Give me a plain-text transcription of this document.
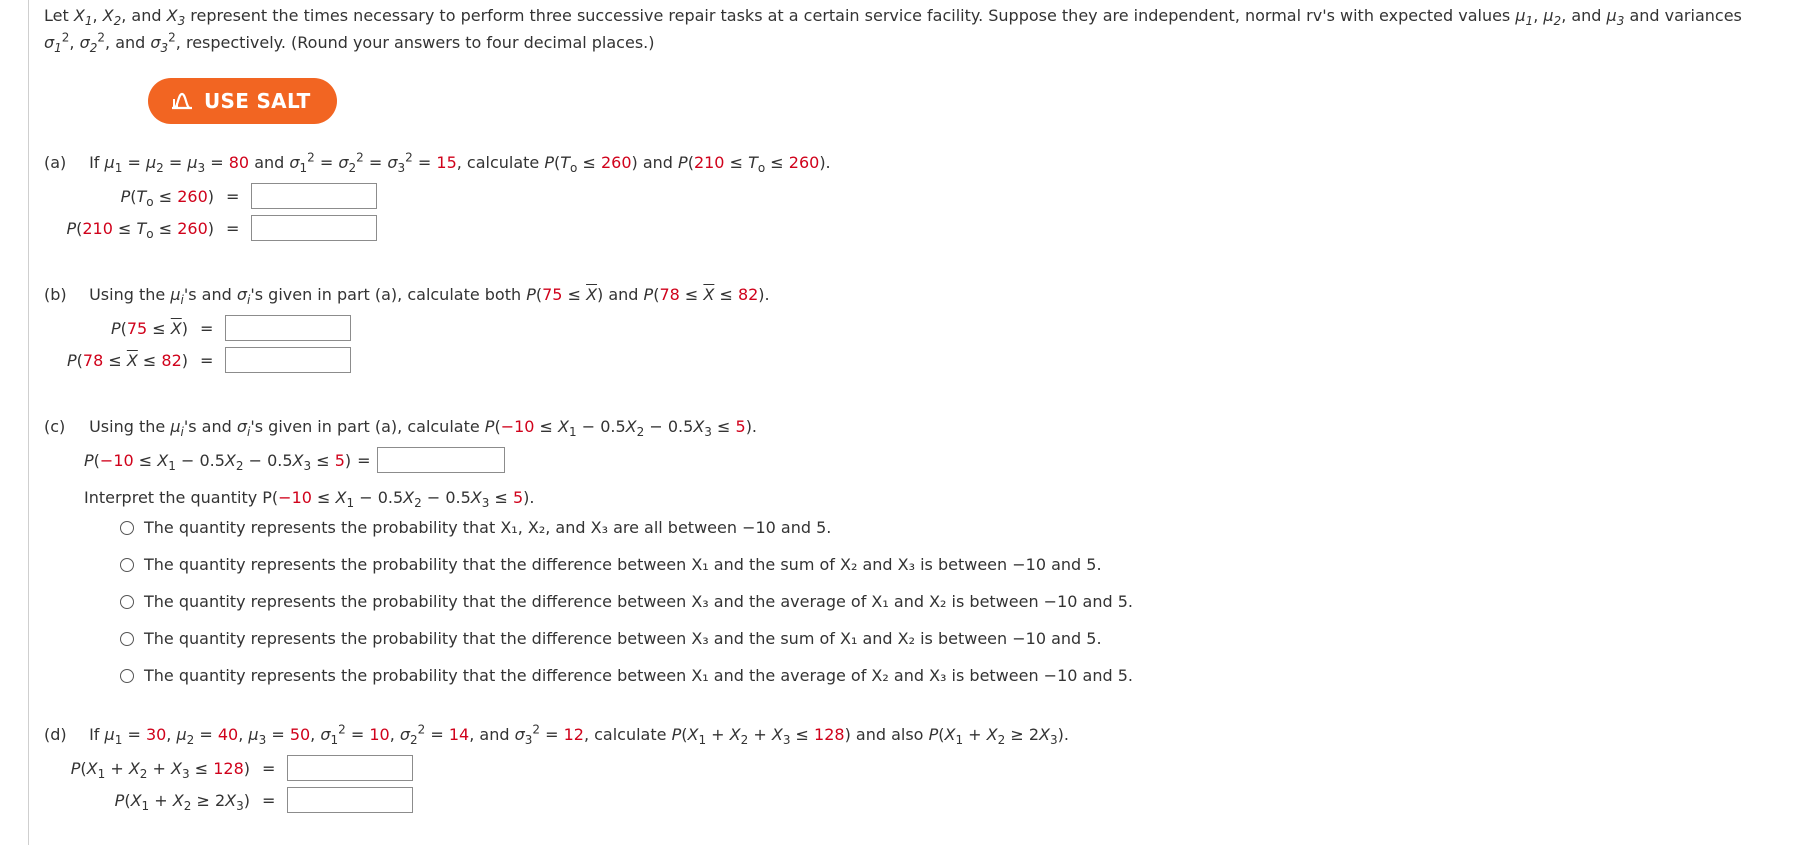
Let $X_1$, $X_2$, and $X_3$ represent the times necessary to perform three successive repair tasks at a certain service facility. Suppose they are independent, normal rv's with expected values $\mu_1$, $\mu_2$, and $\mu_3$ and variances
$\sigma_1^2$, $\sigma_2^2$, and $\sigma_3^2$, respectively. (Round your answers to four decimal places.)
USE SALT
(a) If $\mu_1 = \mu_2 = \mu_3 = 80$ and $\sigma_1^2 = \sigma_2^2 = \sigma_3^2 = 15$, calculate $P(T_o \le 260)$ and $P(210 \le T_o \le 260)$.
$P(T_o \le 260)$ =
$P(210 \le T_o \le 260)$ =
(b) Using the $\mu_i's$ and $\sigma_i's$ given in part (a), calculate both $P(75 \le \overline{X})$ and $P(78 \le \overline{X} \le 82)$.
$P(75 \le \overline{X})$ =
$P(78 \le \overline{X} \le 82)$ =
(c) Using the $\mu_i's$ and $\sigma_i's$ given in part (a), calculate $P(-10 \le X_1 - 0.5X_2 - 0.5X_3 \le 5)$.
$P(-10 \le X_1 - 0.5X_2 - 0.5X_3 \le 5)$ =
Interpret the quantity $P(-10 \le X_1 - 0.5X_2 - 0.5X_3 \le 5)$.
The quantity represents the probability that X₁, X₂, and X₃ are all between −10 and 5.
The quantity represents the probability that the difference between X₁ and the sum of X₂ and X₃ is between −10 and 5.
The quantity represents the probability that the difference between X₃ and the average of X₁ and X₂ is between −10 and 5.
The quantity represents the probability that the difference between X₃ and the sum of X₁ and X₂ is between −10 and 5.
The quantity represents the probability that the difference between X₁ and the average of X₂ and X₃ is between −10 and 5.
(d) If $\mu_1 = 30$, $\mu_2 = 40$, $\mu_3 = 50$, $\sigma_1^2 = 10$, $\sigma_2^2 = 14$, and $\sigma_3^2 = 12$, calculate $P(X_1 + X_2 + X_3 \le 128)$ and also $P(X_1 + X_2 \ge 2X_3)$.
$P(X_1 + X_2 + X_3 \le 128)$ =
$P(X_1 + X_2 \ge 2X_3)$ =
